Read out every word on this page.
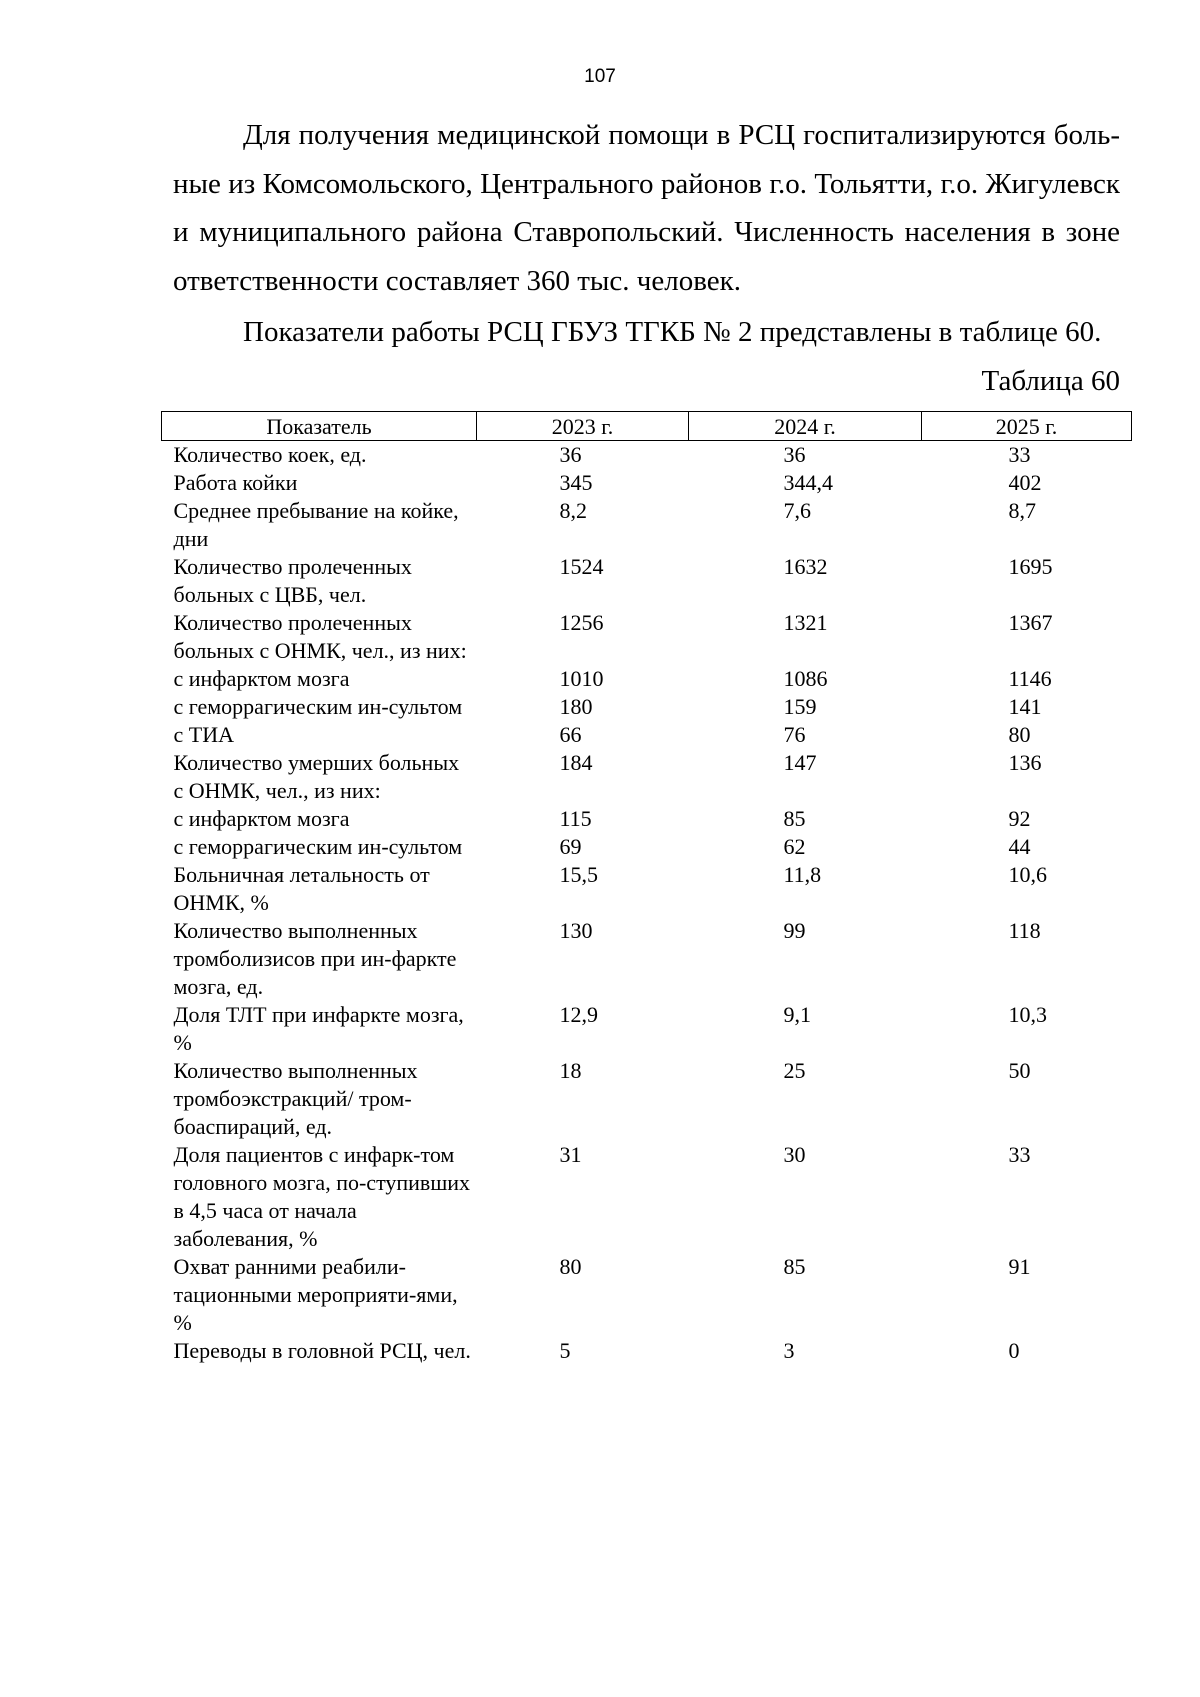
107

Для получения медицинской помощи в РСЦ госпитализируются боль-ные из Комсомольского, Центрального районов г.о. Тольятти, г.о. Жигулевск и муниципального района Ставропольский. Численность населения в зоне ответственности составляет 360 тыс. человек.

Показатели работы РСЦ ГБУЗ ТГКБ № 2 представлены в таблице 60.

Таблица 60
Показатель	2023 г.	2024 г.	2025 г.
Количество коек, ед.	36	36	33
Работа койки	345	344,4	402
Среднее пребывание на койке, дни	8,2	7,6	8,7
Количество пролеченных больных с ЦВБ, чел.	1524	1632	1695
Количество пролеченных больных с ОНМК, чел., из них:	1256	1321	1367
с инфарктом мозга	1010	1086	1146
с геморрагическим ин-сультом	180	159	141
с ТИА	66	76	80
Количество умерших больных с ОНМК, чел., из них:	184	147	136
с инфарктом мозга	115	85	92
с геморрагическим ин-сультом	69	62	44
Больничная летальность от ОНМК, %	15,5	11,8	10,6
Количество выполненных тромболизисов при ин-фаркте мозга, ед.	130	99	118
Доля ТЛТ при инфаркте мозга, %	12,9	9,1	10,3
Количество выполненных тромбоэкстракций/ тром-боаспираций, ед.	18	25	50
Доля пациентов с инфарк-том головного мозга, по-ступивших в 4,5 часа от начала заболевания, %	31	30	33
Охват ранними реабили-тационными мероприяти-ями, %	80	85	91
Переводы в головной РСЦ, чел.	5	3	0
